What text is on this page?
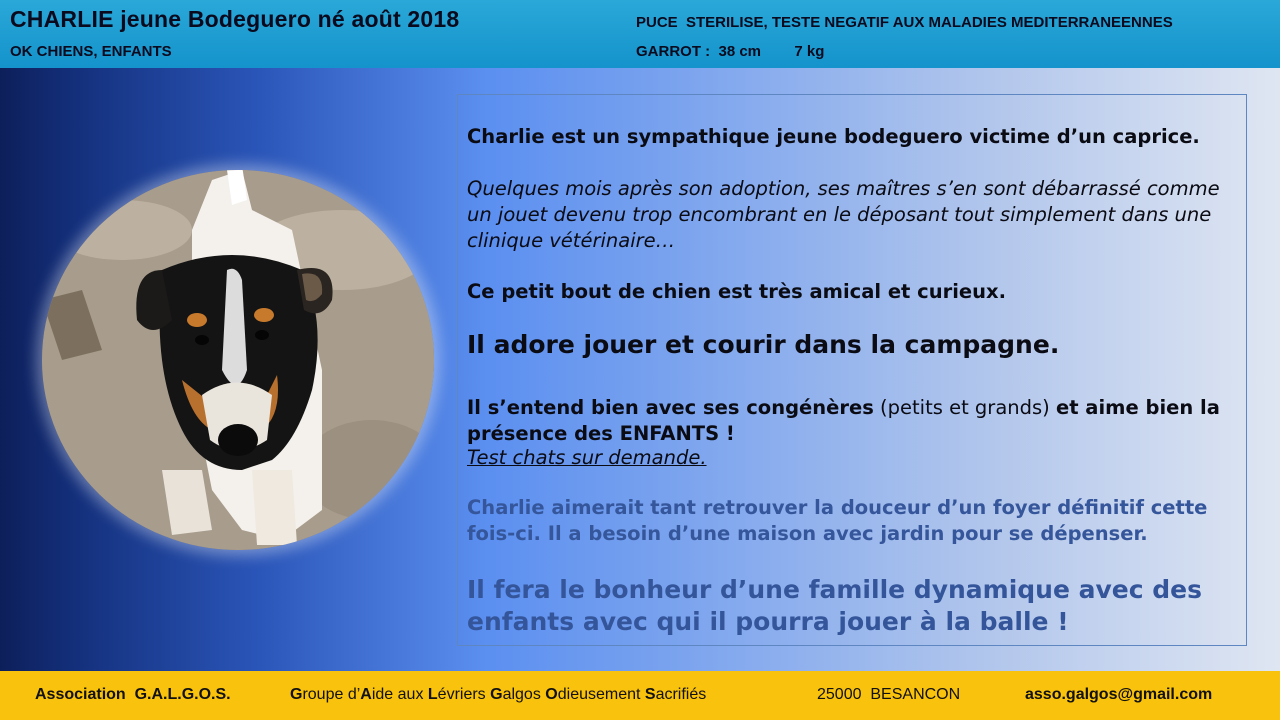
CHARLIE jeune Bodeguero né août 2018
OK CHIENS, ENFANTS
PUCE  STERILISE, TESTE NEGATIF AUX MALADIES MEDITERRANEENNES
GARROT :  38 cm        7 kg
Charlie est un sympathique jeune bodeguero victime d’un caprice.
Quelques mois après son adoption, ses maîtres s’en sont débarrassé comme un jouet devenu trop encombrant en le déposant tout simplement dans une clinique vétérinaire…
Ce petit bout de chien est très amical et curieux.
Il adore jouer et courir dans la campagne.
Il s’entend bien avec ses congénères (petits et grands) et aime bien la présence des ENFANTS !
Test chats sur demande.
Charlie aimerait tant retrouver la douceur d’un foyer définitif cette fois-ci. Il a besoin d’une maison avec jardin pour se dépenser.
Il fera le bonheur d’une famille dynamique avec des enfants avec qui il pourra jouer à la balle !
Association  G.A.L.G.O.S.	Groupe d’Aide aux Lévriers Galgos Odieusement Sacrifiés	25000  BESANCON	asso.galgos@gmail.com
